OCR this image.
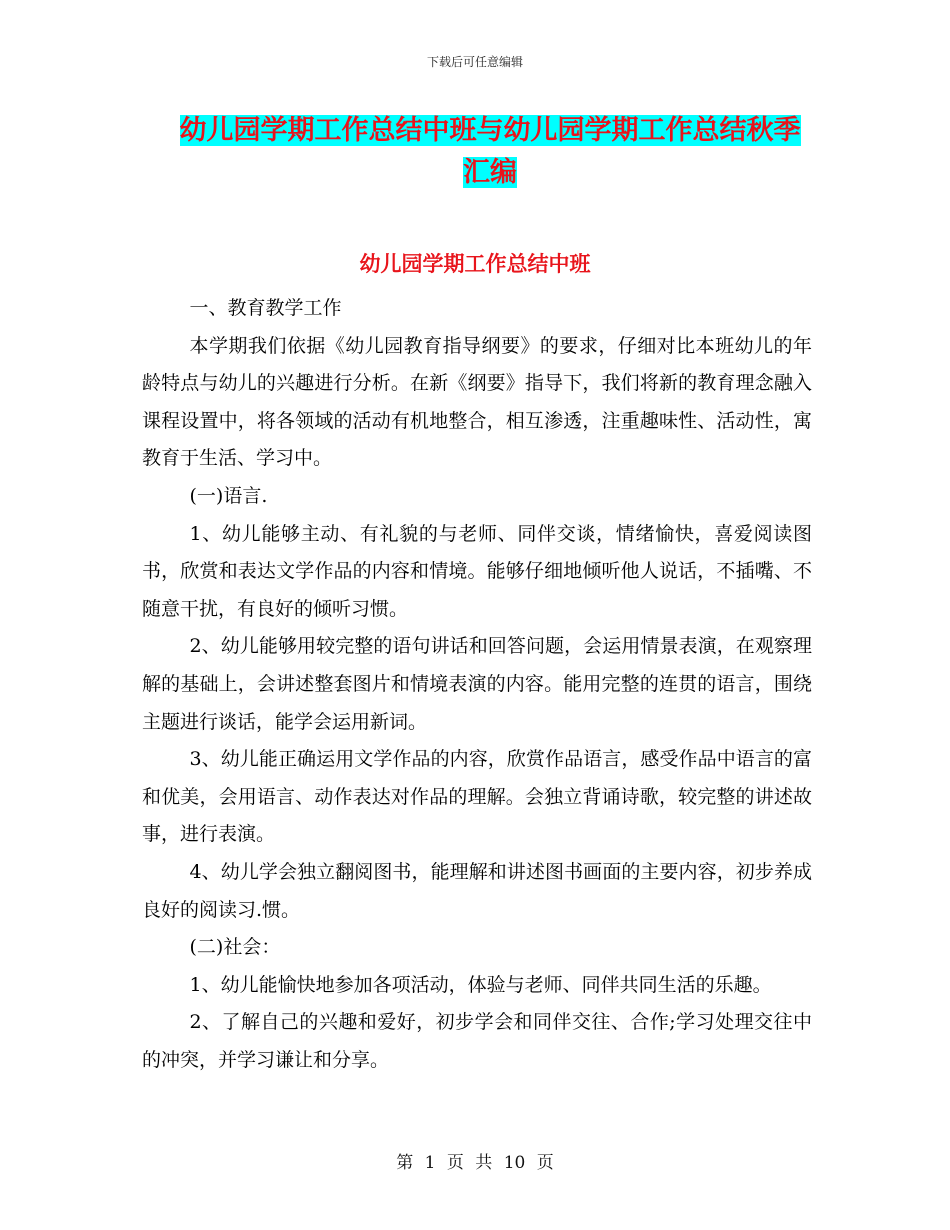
下载后可任意编辑
幼儿园学期工作总结中班与幼儿园学期工作总结秋季
汇编
幼儿园学期工作总结中班

一、教育教学工作

本学期我们依据《幼儿园教育指导纲要》的要求，仔细对比本班幼儿的年龄特点与幼儿的兴趣进行分析。在新《纲要》指导下，我们将新的教育理念融入课程设置中，将各领域的活动有机地整合，相互渗透，注重趣味性、活动性，寓教育于生活、学习中。

(一)语言.

1、幼儿能够主动、有礼貌的与老师、同伴交谈，情绪愉快，喜爱阅读图书，欣赏和表达文学作品的内容和情境。能够仔细地倾听他人说话，不插嘴、不随意干扰，有良好的倾听习惯。

2、幼儿能够用较完整的语句讲话和回答问题，会运用情景表演，在观察理解的基础上，会讲述整套图片和情境表演的内容。能用完整的连贯的语言，围绕主题进行谈话，能学会运用新词。

3、幼儿能正确运用文学作品的内容，欣赏作品语言，感受作品中语言的富和优美，会用语言、动作表达对作品的理解。会独立背诵诗歌，较完整的讲述故事，进行表演。

4、幼儿学会独立翻阅图书，能理解和讲述图书画面的主要内容，初步养成良好的阅读习.惯。

(二)社会：

1、幼儿能愉快地参加各项活动，体验与老师、同伴共同生活的乐趣。

2、了解自己的兴趣和爱好，初步学会和同伴交往、合作;学习处理交往中的冲突，并学习谦让和分享。

第 1 页 共 10 页
